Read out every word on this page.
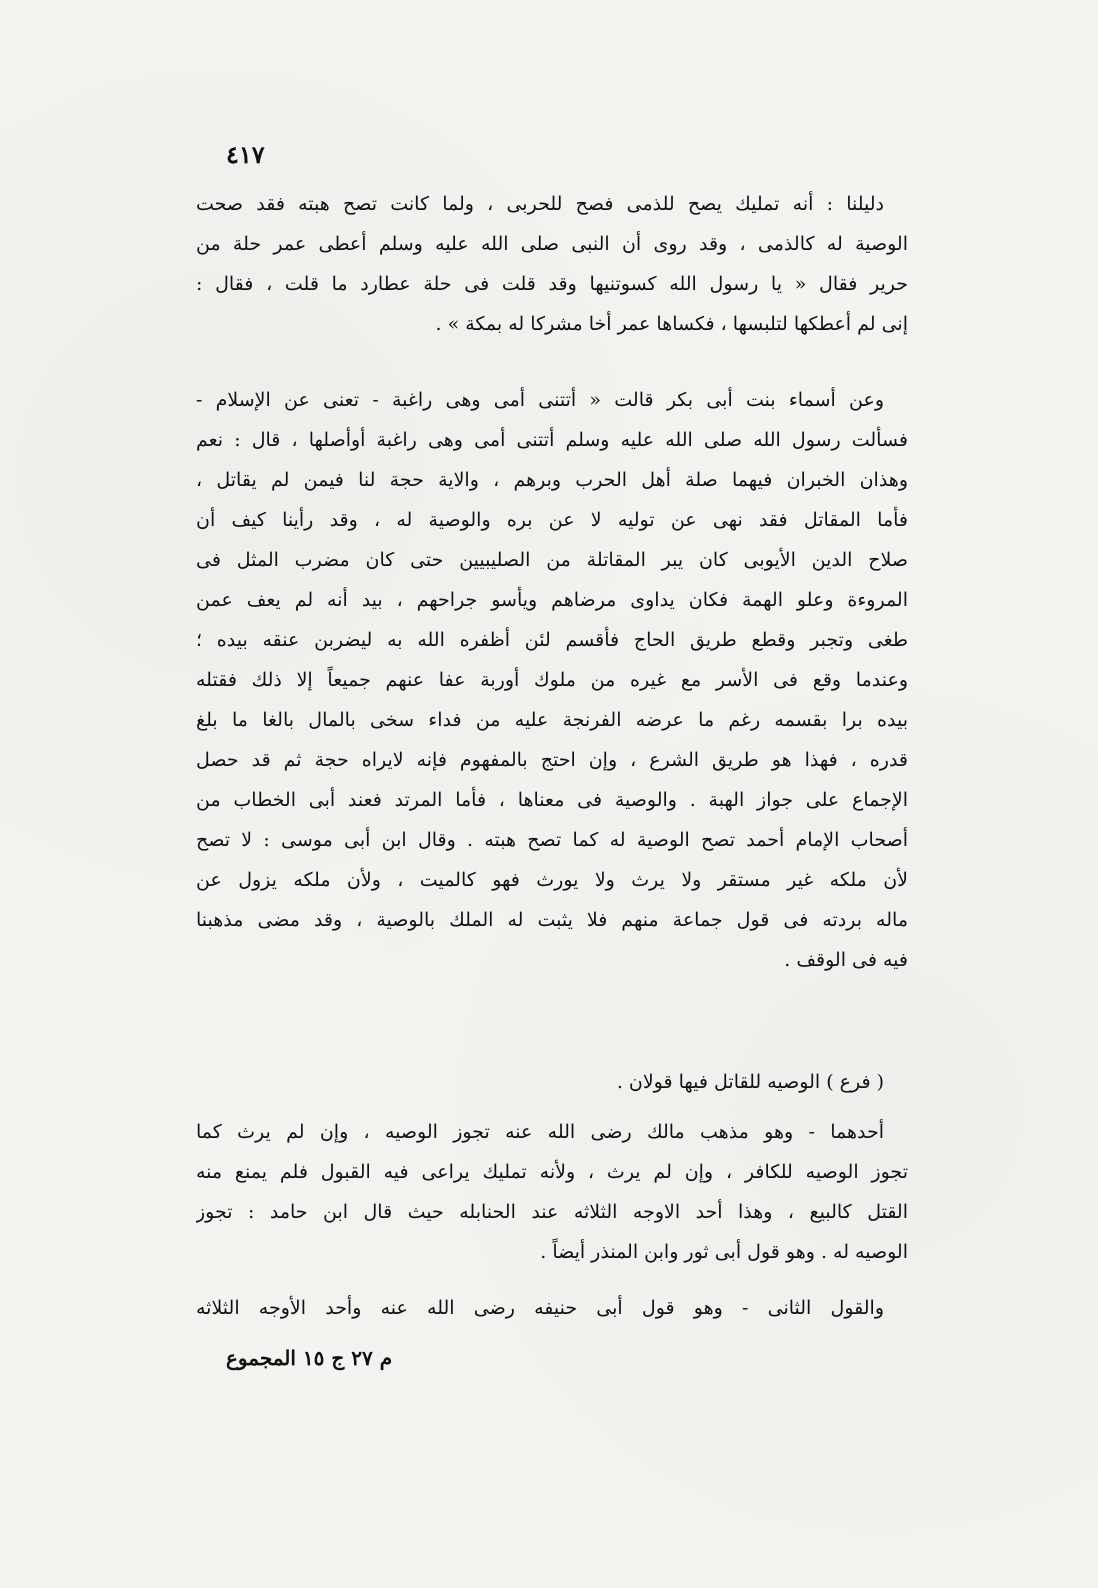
٤١٧
دليلنا : أنه تمليك يصح للذمى فصح للحربى ، ولما كانت تصح هبته فقد صحت
الوصية له كالذمى ، وقد روى أن النبى صلى الله عليه وسلم أعطى عمر حلة من
حرير فقال « يا رسول الله كسوتنيها وقد قلت فى حلة عطارد ما قلت ، فقال :
إنى لم أعطكها لتلبسها ، فكساها عمر أخا مشركا له بمكة » .
وعن أسماء بنت أبى بكر قالت « أتتنى أمى وهى راغبة - تعنى عن الإسلام -
فسألت رسول الله صلى الله عليه وسلم أتتنى أمى وهى راغبة أوأصلها ، قال : نعم
وهذان الخبران فيهما صلة أهل الحرب وبرهم ، والاية حجة لنا فيمن لم يقاتل ،
فأما المقاتل فقد نهى عن توليه لا عن بره والوصية له ، وقد رأينا كيف أن
صلاح الدين الأيوبى كان يبر المقاتلة من الصليبيين حتى كان مضرب المثل فى
المروءة وعلو الهمة فكان يداوى مرضاهم ويأسو جراحهم ، بيد أنه لم يعف عمن
طغى وتجبر وقطع طريق الحاج فأقسم لئن أظفره الله به ليضربن عنقه بيده ؛
وعندما وقع فى الأسر مع غيره من ملوك أوربة عفا عنهم جميعاً إلا ذلك فقتله
بيده برا بقسمه رغم ما عرضه الفرنجة عليه من فداء سخى بالمال بالغا ما بلغ
قدره ، فهذا هو طريق الشرع ، وإن احتج بالمفهوم فإنه لايراه حجة ثم قد حصل
الإجماع على جواز الهبة . والوصية فى معناها ، فأما المرتد فعند أبى الخطاب من
أصحاب الإمام أحمد تصح الوصية له كما تصح هبته . وقال ابن أبى موسى : لا تصح
لأن ملكه غير مستقر ولا يرث ولا يورث فهو كالميت ، ولأن ملكه يزول عن
ماله بردته فى قول جماعة منهم فلا يثبت له الملك بالوصية ، وقد مضى مذهبنا
فيه فى الوقف .
( فرع ) الوصيه للقاتل فيها قولان .
أحدهما - وهو مذهب مالك رضى الله عنه تجوز الوصيه ، وإن لم يرث كما
تجوز الوصيه للكافر ، وإن لم يرث ، ولأنه تمليك يراعى فيه القبول فلم يمنع منه
القتل كالبيع ، وهذا أحد الاوجه الثلاثه عند الحنابله حيث قال ابن حامد : تجوز
الوصيه له . وهو قول أبى ثور وابن المنذر أيضاً .
والقول الثانى - وهو قول أبى حنيفه رضى الله عنه وأحد الأوجه الثلاثه
م ٢٧ ج ١٥ المجموع
